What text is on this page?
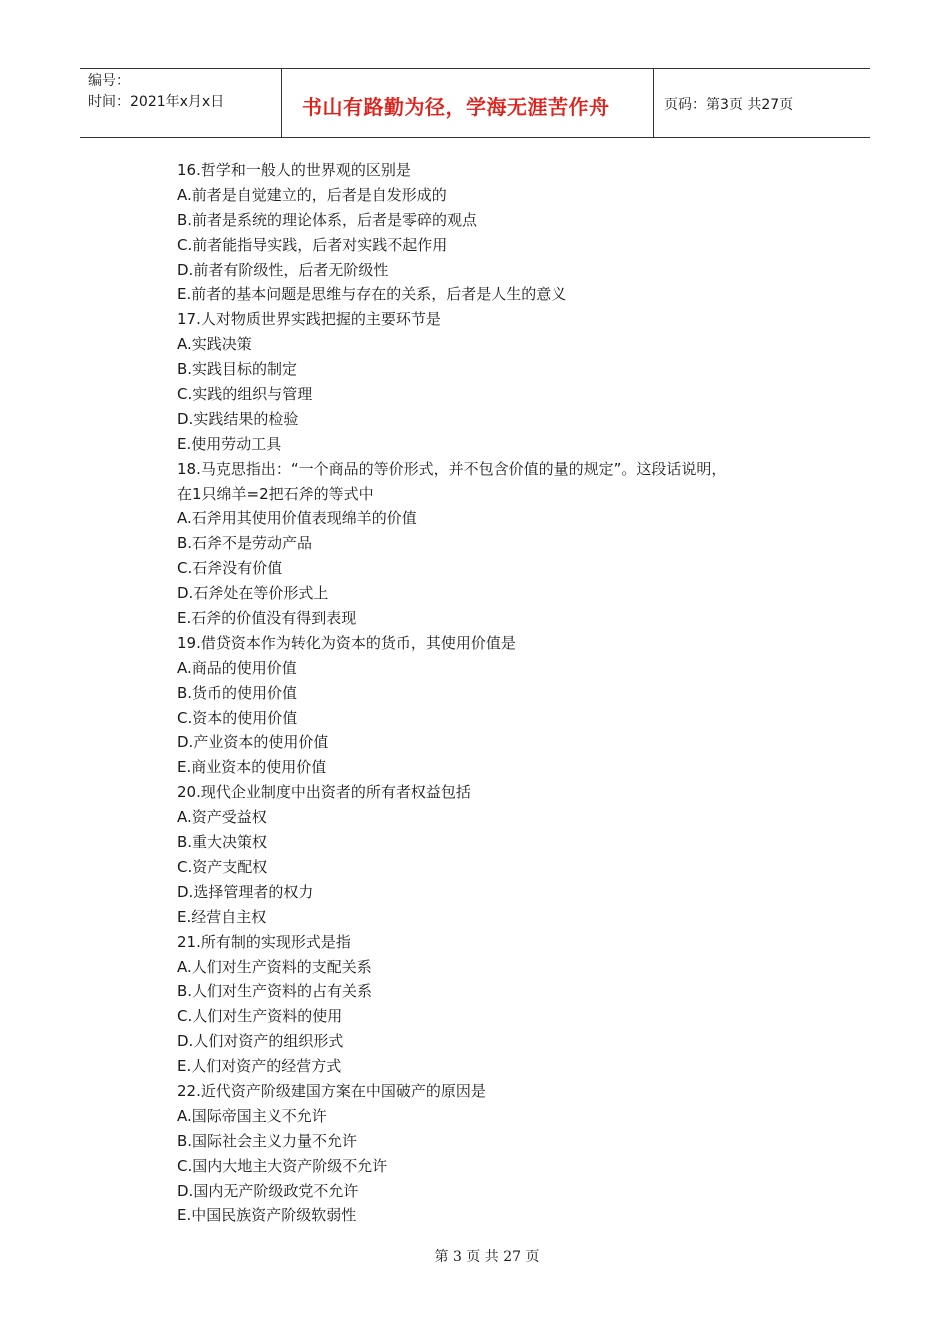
编号：
时间：2021年x月x日	书山有路勤为径，学海无涯苦作舟	页码：第3页 共27页
16.哲学和一般人的世界观的区别是
A.前者是自觉建立的，后者是自发形成的
B.前者是系统的理论体系，后者是零碎的观点
C.前者能指导实践，后者对实践不起作用
D.前者有阶级性，后者无阶级性
E.前者的基本问题是思维与存在的关系，后者是人生的意义
17.人对物质世界实践把握的主要环节是
A.实践决策
B.实践目标的制定
C.实践的组织与管理
D.实践结果的检验
E.使用劳动工具
18.马克思指出：“一个商品的等价形式，并不包含价值的量的规定”。这段话说明，
在1只绵羊=2把石斧的等式中
A.石斧用其使用价值表现绵羊的价值
B.石斧不是劳动产品
C.石斧没有价值
D.石斧处在等价形式上
E.石斧的价值没有得到表现
19.借贷资本作为转化为资本的货币，其使用价值是
A.商品的使用价值
B.货币的使用价值
C.资本的使用价值
D.产业资本的使用价值
E.商业资本的使用价值
20.现代企业制度中出资者的所有者权益包括
A.资产受益权
B.重大决策权
C.资产支配权
D.选择管理者的权力
E.经营自主权
21.所有制的实现形式是指
A.人们对生产资料的支配关系
B.人们对生产资料的占有关系
C.人们对生产资料的使用
D.人们对资产的组织形式
E.人们对资产的经营方式
22.近代资产阶级建国方案在中国破产的原因是
A.国际帝国主义不允许
B.国际社会主义力量不允许
C.国内大地主大资产阶级不允许
D.国内无产阶级政党不允许
E.中国民族资产阶级软弱性
第 3 页 共 27 页
